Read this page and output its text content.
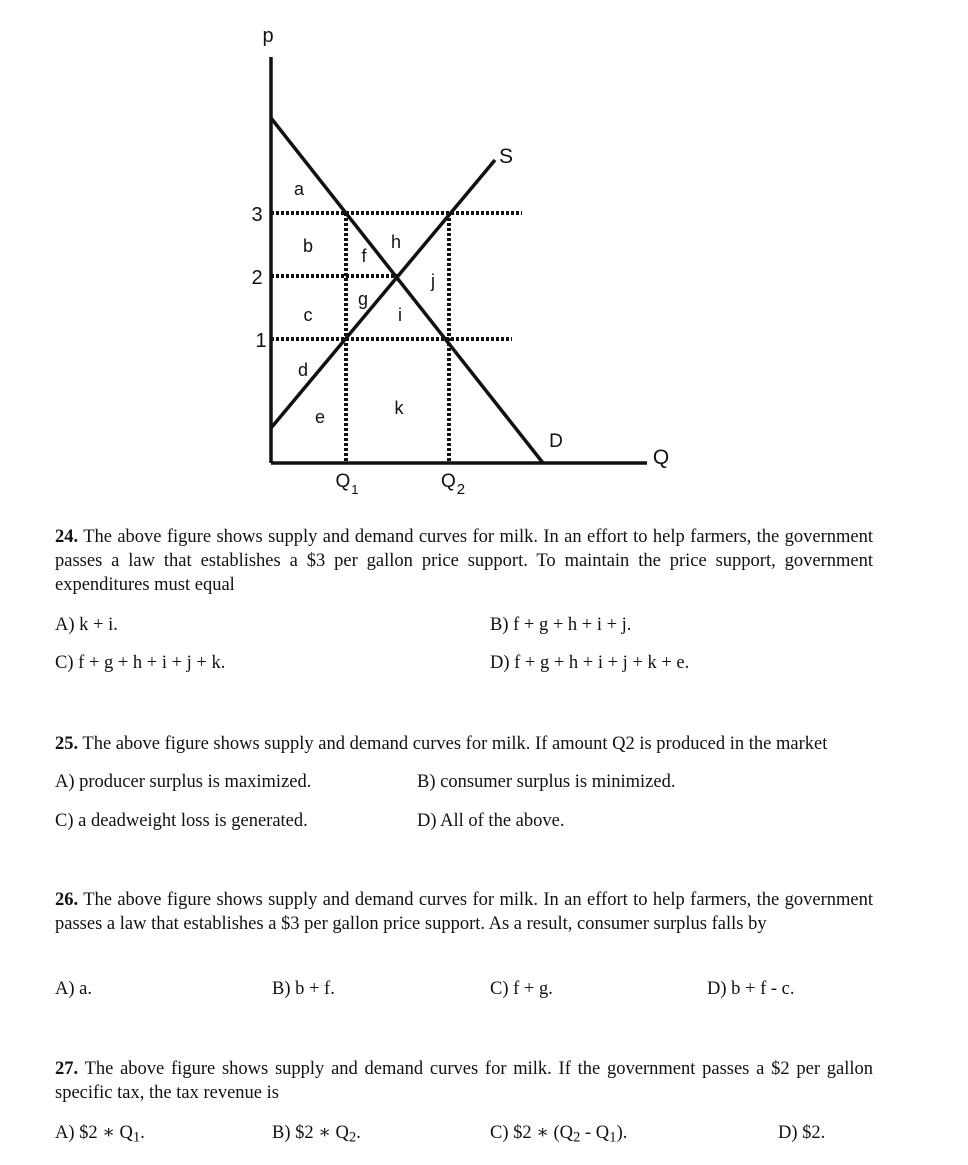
p
Q
S
D
3
2
1
$Q_1$	$Q_2$
a
b
c
d
e
f
g
h
i
j
k
24. The above figure shows supply and demand curves for milk. In an effort to help farmers, the government passes a law that establishes a $3 per gallon price support. To maintain the price support, government expenditures must equal
A) k + i.	B) f + g + h + i + j.
C) f + g + h + i + j + k.	D) f + g + h + i + j + k + e.
25. The above figure shows supply and demand curves for milk. If amount Q2 is produced in the market
A) producer surplus is maximized.	B) consumer surplus is minimized.
C) a deadweight loss is generated.	D) All of the above.
26. The above figure shows supply and demand curves for milk. In an effort to help farmers, the government passes a law that establishes a $3 per gallon price support. As a result, consumer surplus falls by
A) a.	B) b + f.	C) f + g.	D) b + f - c.
27. The above figure shows supply and demand curves for milk. If the government passes a $2 per gallon specific tax, the tax revenue is
A) $2 ∗ $Q_1$.	B) $2 ∗ $Q_2$.	C) $2 ∗ $(Q_2 - Q_1)$.	D) $2.
